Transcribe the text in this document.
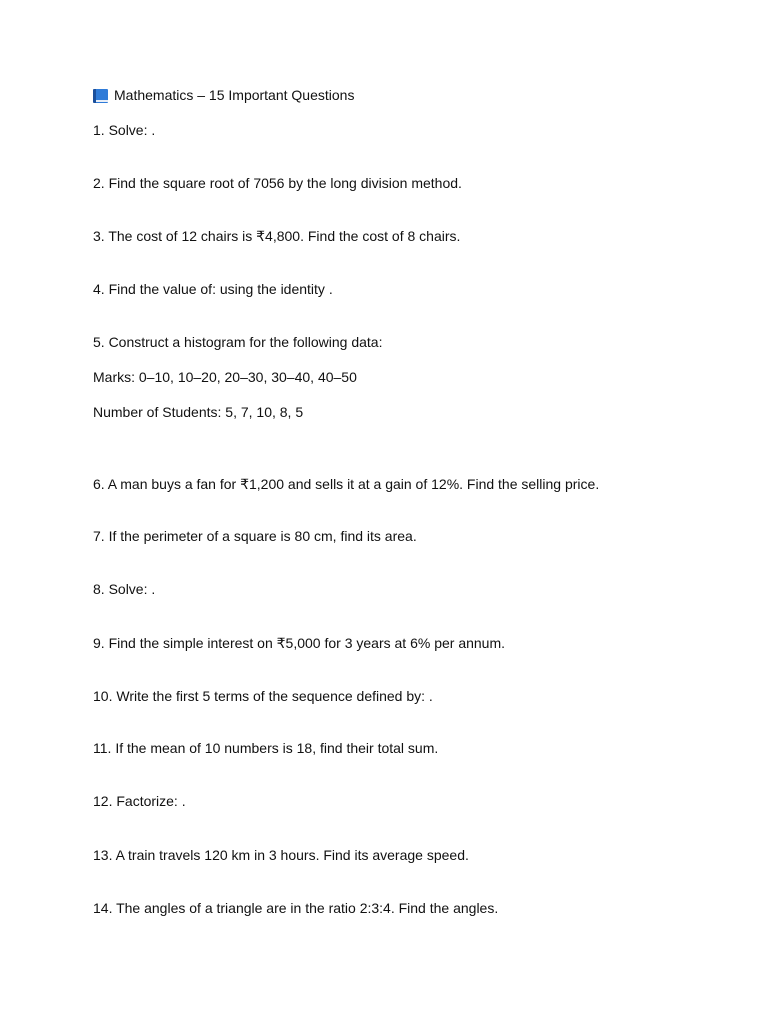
Mathematics – 15 Important Questions
1. Solve: .
2. Find the square root of 7056 by the long division method.
3. The cost of 12 chairs is ₹4,800. Find the cost of 8 chairs.
4. Find the value of: using the identity .
5. Construct a histogram for the following data:
Marks: 0–10, 10–20, 20–30, 30–40, 40–50
Number of Students: 5, 7, 10, 8, 5
6. A man buys a fan for ₹1,200 and sells it at a gain of 12%. Find the selling price.
7. If the perimeter of a square is 80 cm, find its area.
8. Solve: .
9. Find the simple interest on ₹5,000 for 3 years at 6% per annum.
10. Write the first 5 terms of the sequence defined by: .
11. If the mean of 10 numbers is 18, find their total sum.
12. Factorize: .
13. A train travels 120 km in 3 hours. Find its average speed.
14. The angles of a triangle are in the ratio 2:3:4. Find the angles.
